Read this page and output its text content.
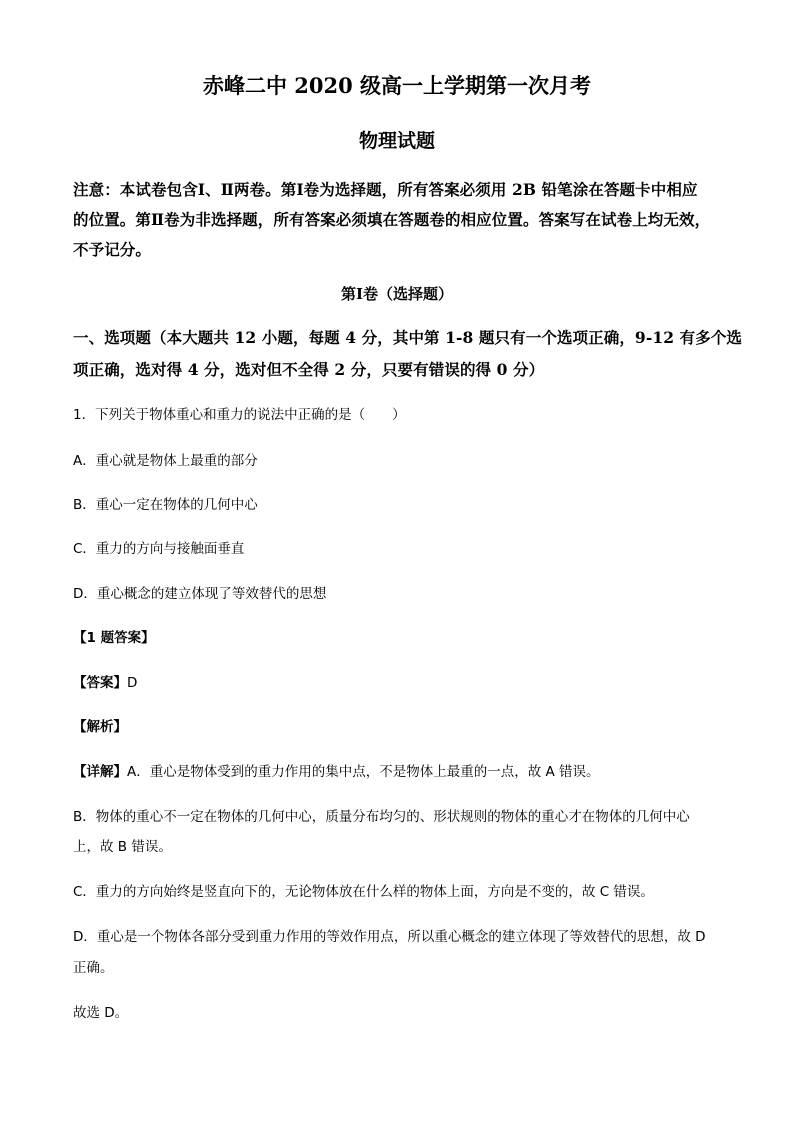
赤峰二中 2020 级高一上学期第一次月考
物理试题
注意：本试卷包含Ⅰ、Ⅱ两卷。第Ⅰ卷为选择题，所有答案必须用 2B 铅笔涂在答题卡中相应
的位置。第Ⅱ卷为非选择题，所有答案必须填在答题卷的相应位置。答案写在试卷上均无效，
不予记分。
第Ⅰ卷（选择题）
一、选项题（本大题共 12 小题，每题 4 分，其中第 1-8 题只有一个选项正确，9-12 有多个选
项正确，选对得 4 分，选对但不全得 2 分，只要有错误的得 0 分）
1．下列关于物体重心和重力的说法中正确的是（　　）
A．重心就是物体上最重的部分
B．重心一定在物体的几何中心
C．重力的方向与接触面垂直
D．重心概念的建立体现了等效替代的思想
【1 题答案】
【答案】D
【解析】
【详解】A．重心是物体受到的重力作用的集中点，不是物体上最重的一点，故 A 错误。
B．物体的重心不一定在物体的几何中心，质量分布均匀的、形状规则的物体的重心才在物体的几何中心
上，故 B 错误。
C．重力的方向始终是竖直向下的，无论物体放在什么样的物体上面，方向是不变的，故 C 错误。
D．重心是一个物体各部分受到重力作用的等效作用点，所以重心概念的建立体现了等效替代的思想，故 D
正确。
故选 D。
